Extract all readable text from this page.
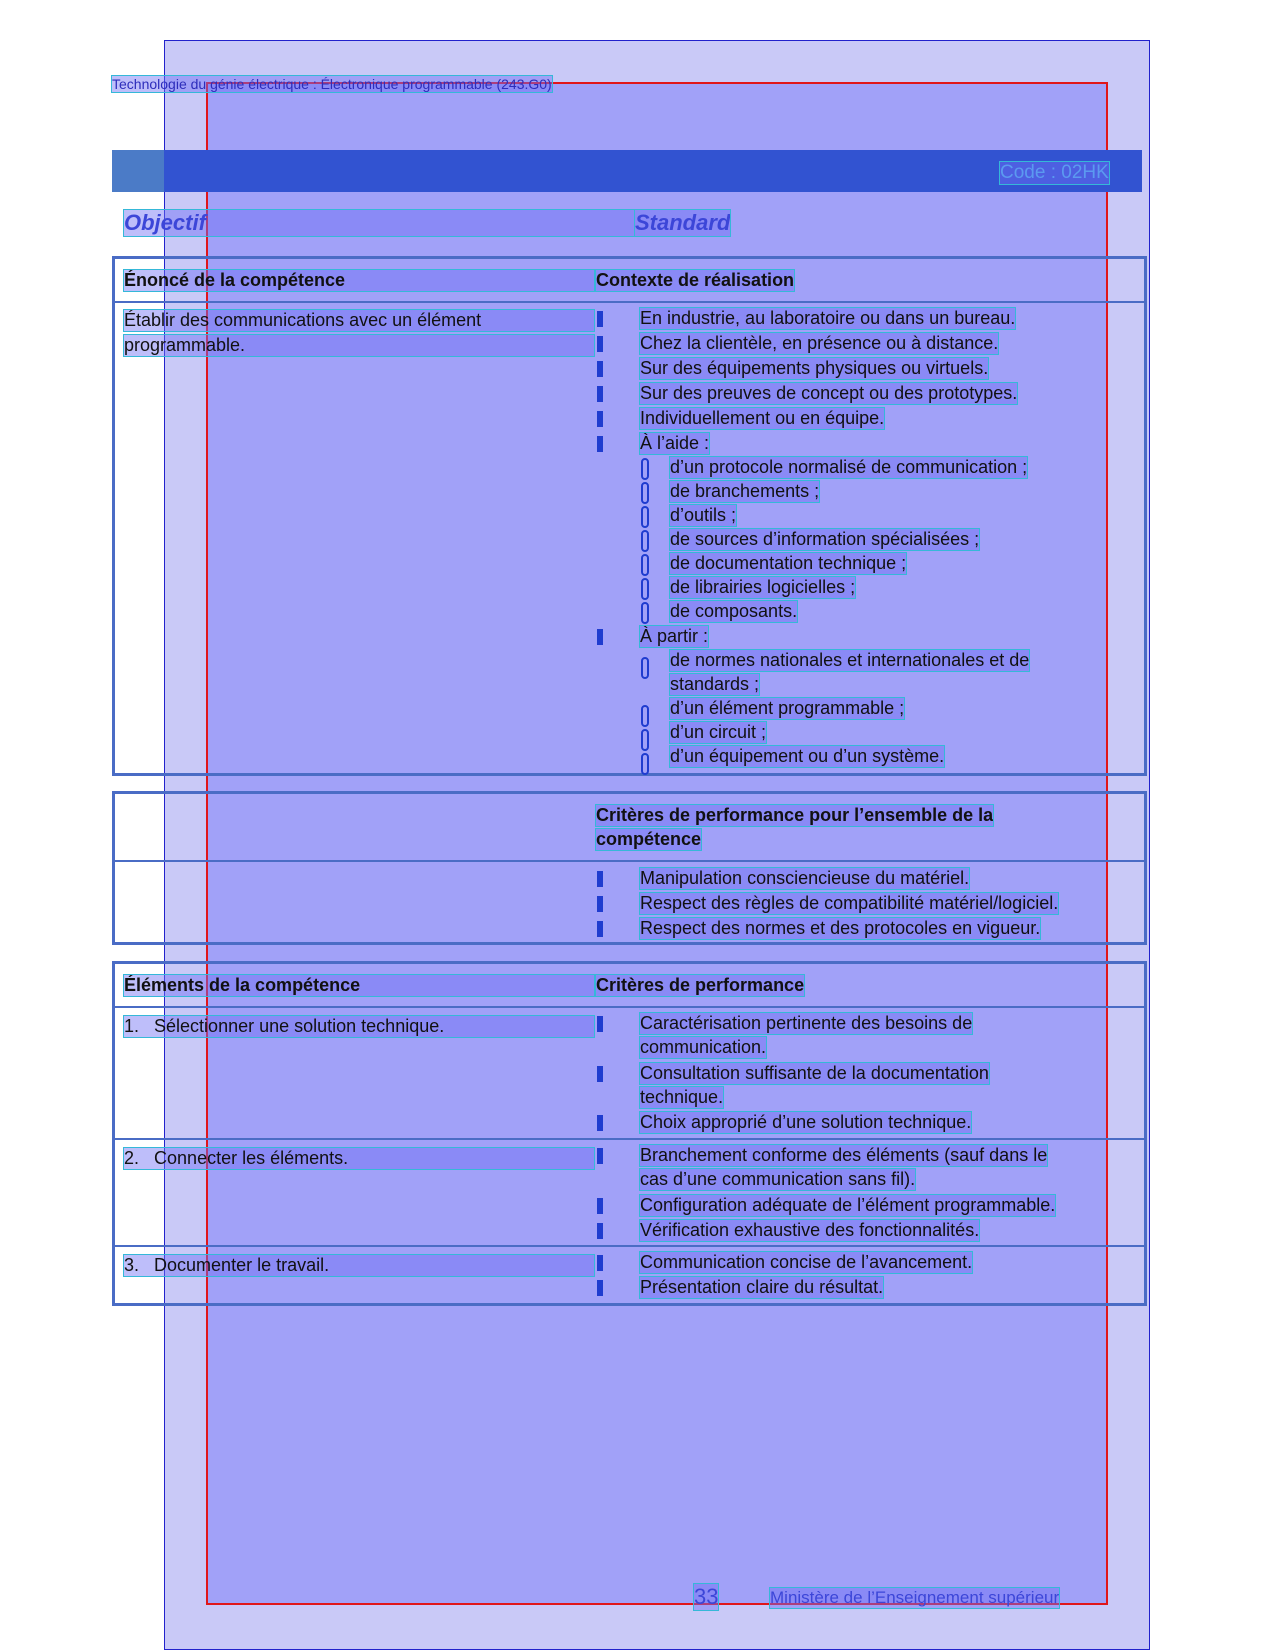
Technologie du génie électrique : Électronique programmable (243.G0)
Code : 02HK
Objectif	Standard
Énoncé de la compétence	Contexte de réalisation
Établir des communications avec un élément
programmable.
En industrie, au laboratoire ou dans un bureau.
Chez la clientèle, en présence ou à distance.
Sur des équipements physiques ou virtuels.
Sur des preuves de concept ou des prototypes.
Individuellement ou en équipe.
À l’aide :
d’un protocole normalisé de communication ;
de branchements ;
d’outils ;
de sources d’information spécialisées ;
de documentation technique ;
de librairies logicielles ;
de composants.
À partir :
de normes nationales et internationales et de
standards ;
d’un élément programmable ;
d’un circuit ;
d’un équipement ou d’un système.
Critères de performance pour l’ensemble de la
compétence
Manipulation consciencieuse du matériel.
Respect des règles de compatibilité matériel/logiciel.
Respect des normes et des protocoles en vigueur.
Éléments de la compétence	Critères de performance
1. Sélectionner une solution technique.	Caractérisation pertinente des besoins de
communication.
Consultation suffisante de la documentation
technique.
Choix approprié d’une solution technique.
2. Connecter les éléments.	Branchement conforme des éléments (sauf dans le
cas d’une communication sans fil).
Configuration adéquate de l’élément programmable.
Vérification exhaustive des fonctionnalités.
3. Documenter le travail.	Communication concise de l’avancement.
Présentation claire du résultat.
33	Ministère de l’Enseignement supérieur
